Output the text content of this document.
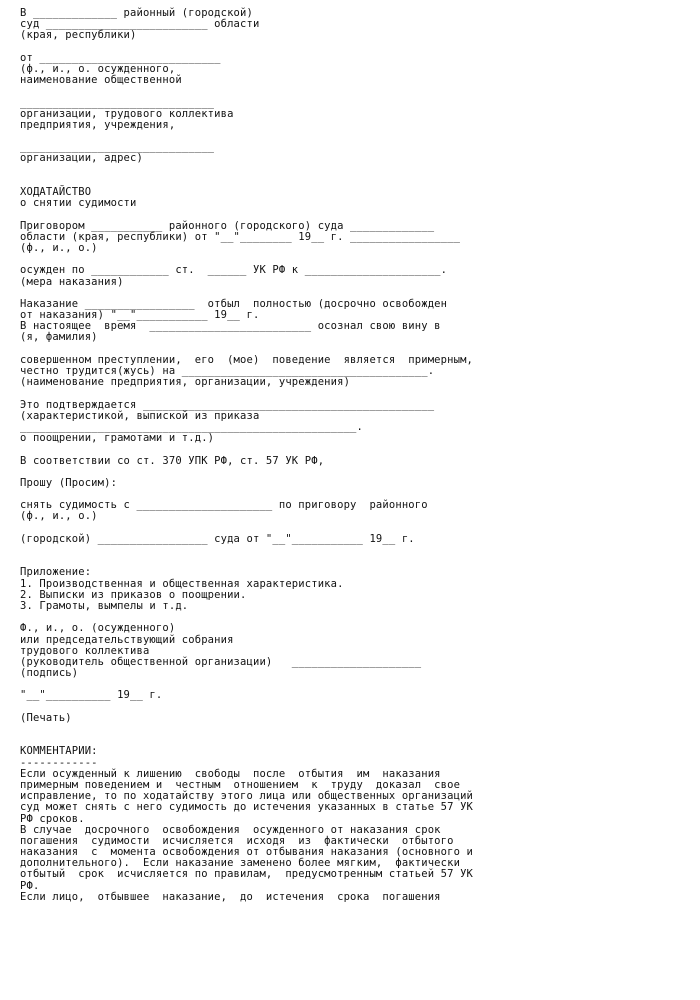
В _____________ районный (городской)
суд _________________________ области
(края, республики)
от ____________________________
(ф., и., о. осужденного,
наименование общественной
______________________________
организации, трудового коллектива
предприятия, учреждения,
______________________________
организации, адрес)
ХОДАТАЙСТВО
о снятии судимости
Приговором ___________ районного (городского) суда _____________
области (края, республики) от "__"________ 19__ г. _________________
(ф., и., о.)
осужден по ____________ ст.  ______ УК РФ к _____________________.
(мера наказания)
Наказание _________________  отбыл  полностью (досрочно освобожден
от наказания) "__"___________ 19__ г.
В настоящее  время  _________________________ осознал свою вину в
(я, фамилия)
совершенном преступлении,  его  (мое)  поведение  является  примерным,
честно трудится(жусь) на ______________________________________.
(наименование предприятия, организации, учреждения)
Это подтверждается _____________________________________________
(характеристикой, выпиской из приказа
____________________________________________________.
о поощрении, грамотами и т.д.)
В соответствии со ст. 370 УПК РФ, ст. 57 УК РФ,
Прошу (Просим):
снять судимость с _____________________ по приговору  районного
(ф., и., о.)
(городской) _________________ суда от "__"___________ 19__ г.
Приложение:
1. Производственная и общественная характеристика.
2. Выписки из приказов о поощрении.
3. Грамоты, вымпелы и т.д.
Ф., и., о. (осужденного)
или председательствующий собрания
трудового коллектива
(руководитель общественной организации)   ____________________
(подпись)
"__"__________ 19__ г.
(Печать)
КОММЕНТАРИИ:
------------
Если осужденный к лишению  свободы  после  отбытия  им  наказания
примерным поведением и  честным  отношением  к  труду  доказал  свое
исправление, то по ходатайству этого лица или общественных организаций
суд может снять с него судимость до истечения указанных в статье 57 УК
РФ сроков.
В случае  досрочного  освобождения  осужденного от наказания срок
погашения  судимости  исчисляется  исходя  из  фактически  отбытого
наказания  с  момента освобождения от отбывания наказания (основного и
дополнительного).  Если наказание заменено более мягким,  фактически
отбытый  срок  исчисляется по правилам,  предусмотренным статьей 57 УК
РФ.
Если лицо,  отбывшее  наказание,  до  истечения  срока  погашения
